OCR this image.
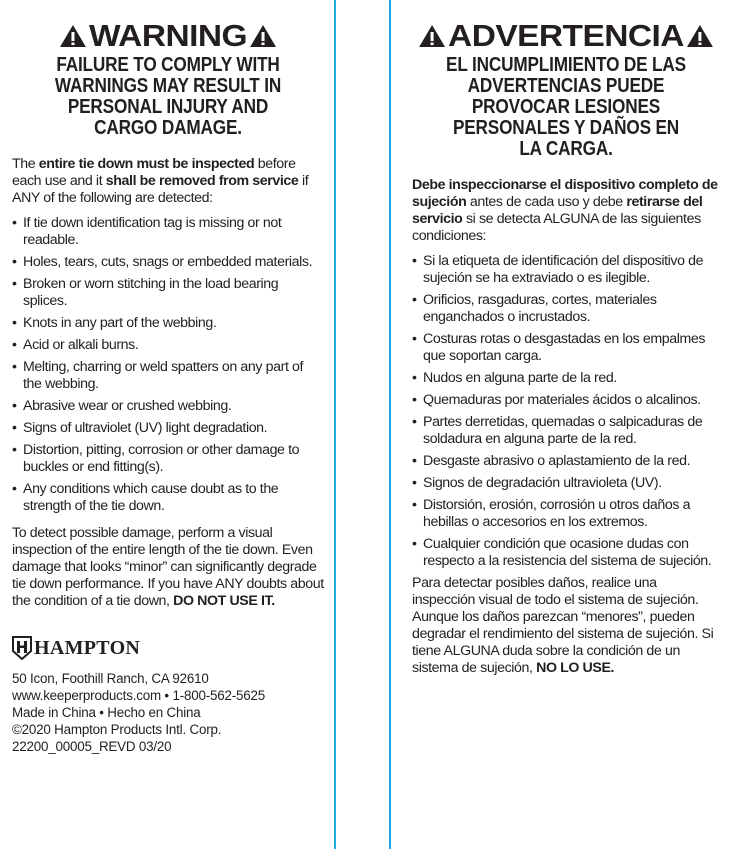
WARNING
FAILURE TO COMPLY WITH
WARNINGS MAY RESULT IN
PERSONAL INJURY AND
CARGO DAMAGE.
The entire tie down must be inspected before each use and it shall be removed from service if ANY of the following are detected:
• If tie down identification tag is missing or not readable.
• Holes, tears, cuts, snags or embedded materials.
• Broken or worn stitching in the load bearing splices.
• Knots in any part of the webbing.
• Acid or alkali burns.
• Melting, charring or weld spatters on any part of the webbing.
• Abrasive wear or crushed webbing.
• Signs of ultraviolet (UV) light degradation.
• Distortion, pitting, corrosion or other damage to buckles or end fitting(s).
• Any conditions which cause doubt as to the strength of the tie down.
To detect possible damage, perform a visual inspection of the entire length of the tie down. Even damage that looks “minor” can significantly degrade tie down performance. If you have ANY doubts about the condition of a tie down, DO NOT USE IT.
HAMPTON
50 Icon, Foothill Ranch, CA 92610
www.keeperproducts.com • 1-800-562-5625
Made in China • Hecho en China
©2020 Hampton Products Intl. Corp.
22200_00005_REVD 03/20
ADVERTENCIA
EL INCUMPLIMIENTO DE LAS
ADVERTENCIAS PUEDE
PROVOCAR LESIONES
PERSONALES Y DAÑOS EN
LA CARGA.
Debe inspeccionarse el dispositivo completo de sujeción antes de cada uso y debe retirarse del servicio si se detecta ALGUNA de las siguientes condiciones:
• Si la etiqueta de identificación del dispositivo de sujeción se ha extraviado o es ilegible.
• Orificios, rasgaduras, cortes, materiales enganchados o incrustados.
• Costuras rotas o desgastadas en los empalmes que soportan carga.
• Nudos en alguna parte de la red.
• Quemaduras por materiales ácidos o alcalinos.
• Partes derretidas, quemadas o salpicaduras de soldadura en alguna parte de la red.
• Desgaste abrasivo o aplastamiento de la red.
• Signos de degradación ultravioleta (UV).
• Distorsión, erosión, corrosión u otros daños a hebillas o accesorios en los extremos.
• Cualquier condición que ocasione dudas con respecto a la resistencia del sistema de sujeción.
Para detectar posibles daños, realice una inspección visual de todo el sistema de sujeción. Aunque los daños parezcan “menores”, pueden degradar el rendimiento del sistema de sujeción. Si tiene ALGUNA duda sobre la condición de un sistema de sujeción, NO LO USE.
